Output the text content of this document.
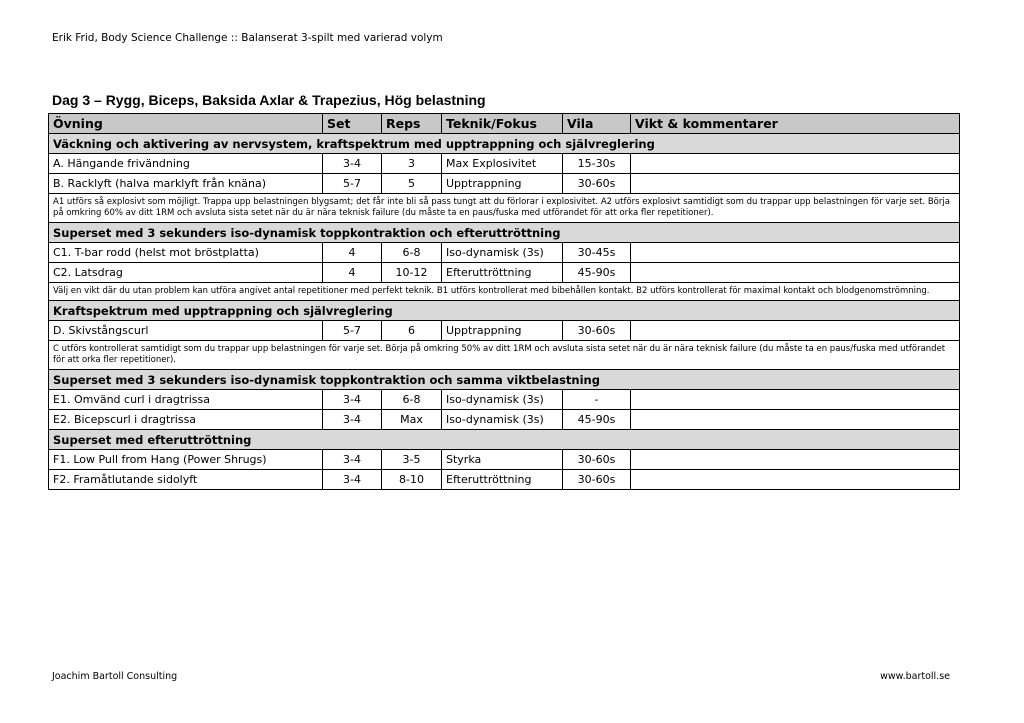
Erik Frid, Body Science Challenge :: Balanserat 3-spilt med varierad volym
Dag 3 – Rygg, Biceps, Baksida Axlar & Trapezius, Hög belastning
Övning	Set	Reps	Teknik/Fokus	Vila	Vikt & kommentarer
Väckning och aktivering av nervsystem, kraftspektrum med upptrappning och självreglering					
A. Hängande frivändning	3-4	3	Max Explosivitet	15-30s	
B. Racklyft (halva marklyft från knäna)	5-7	5	Upptrappning	30-60s	
A1 utförs så explosivt som möjligt. Trappa upp belastningen blygsamt; det får inte bli så pass tungt att du förlorar i explosivitet. A2 utförs explosivt samtidigt som du trappar upp belastningen för varje set. Börja på omkring 60% av ditt 1RM och avsluta sista setet när du är nära teknisk failure (du måste ta en paus/fuska med utförandet för att orka fler repetitioner).					
Superset med 3 sekunders iso-dynamisk toppkontraktion och efteruttröttning					
C1. T-bar rodd (helst mot bröstplatta)	4	6-8	Iso-dynamisk (3s)	30-45s	
C2. Latsdrag	4	10-12	Efteruttröttning	45-90s	
Välj en vikt där du utan problem kan utföra angivet antal repetitioner med perfekt teknik. B1 utförs kontrollerat med bibehållen kontakt. B2 utförs kontrollerat för maximal kontakt och blodgenomströmning.					
Kraftspektrum med upptrappning och självreglering					
D. Skivstångscurl	5-7	6	Upptrappning	30-60s	
C utförs kontrollerat samtidigt som du trappar upp belastningen för varje set. Börja på omkring 50% av ditt 1RM och avsluta sista setet när du är nära teknisk failure (du måste ta en paus/fuska med utförandet för att orka fler repetitioner).					
Superset med 3 sekunders iso-dynamisk toppkontraktion och samma viktbelastning					
E1. Omvänd curl i dragtrissa	3-4	6-8	Iso-dynamisk (3s)	-	
E2. Bicepscurl i dragtrissa	3-4	Max	Iso-dynamisk (3s)	45-90s	
Superset med efteruttröttning					
F1. Low Pull from Hang (Power Shrugs)	3-4	3-5	Styrka	30-60s	
F2. Framåtlutande sidolyft	3-4	8-10	Efteruttröttning	30-60s	
Joachim Bartoll Consulting	www.bartoll.se
